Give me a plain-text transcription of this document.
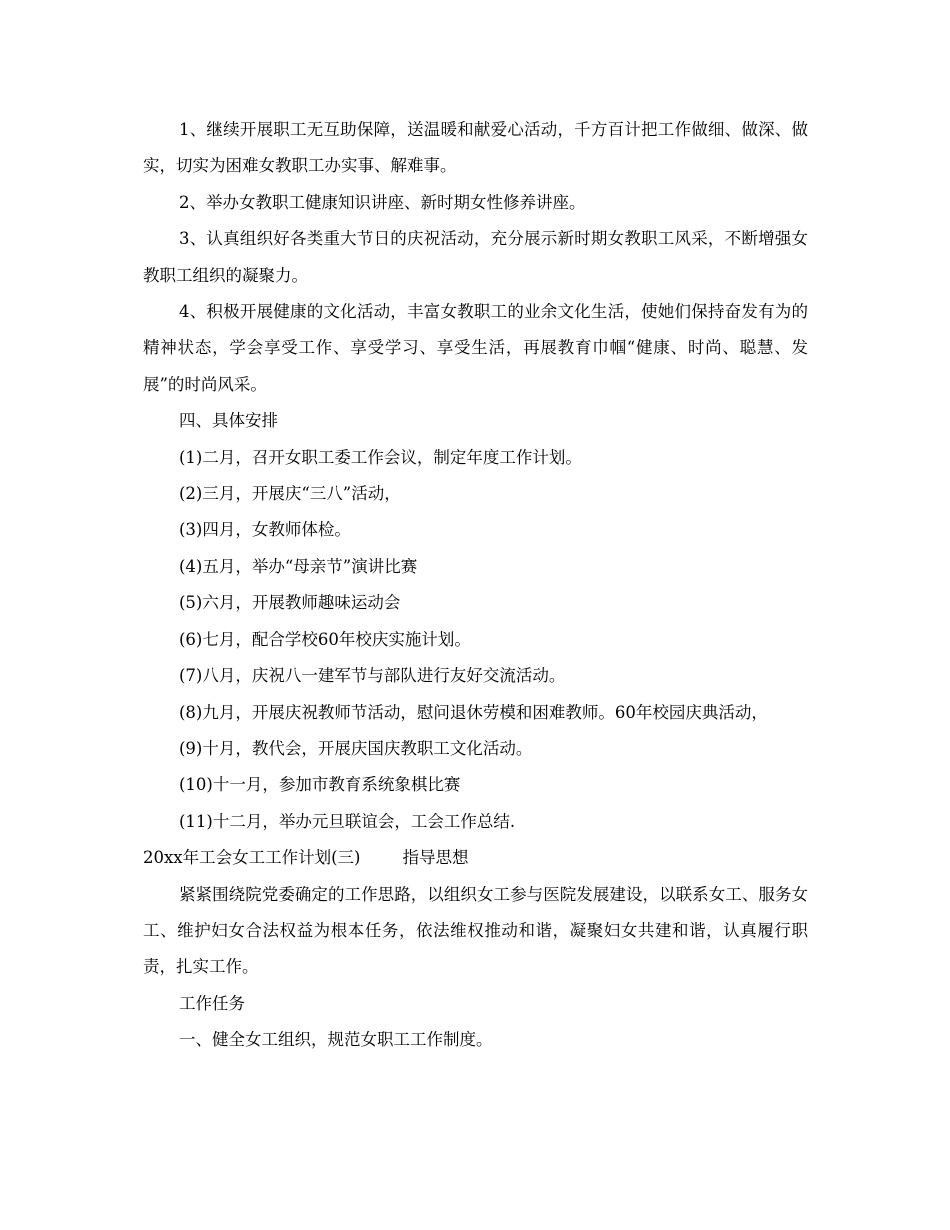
1、继续开展职工无互助保障，送温暖和献爱心活动，千方百计把工作做细、做深、做实，切实为困难女教职工办实事、解难事。

2、举办女教职工健康知识讲座、新时期女性修养讲座。

3、认真组织好各类重大节日的庆祝活动，充分展示新时期女教职工风采，不断增强女教职工组织的凝聚力。

4、积极开展健康的文化活动，丰富女教职工的业余文化生活，使她们保持奋发有为的精神状态，学会享受工作、享受学习、享受生活，再展教育巾帼“健康、时尚、聪慧、发展”的时尚风采。

四、具体安排

(1)二月，召开女职工委工作会议，制定年度工作计划。

(2)三月，开展庆“三八”活动，

(3)四月，女教师体检。

(4)五月，举办“母亲节”演讲比赛

(5)六月，开展教师趣味运动会

(6)七月，配合学校60年校庆实施计划。

(7)八月，庆祝八一建军节与部队进行友好交流活动。

(8)九月，开展庆祝教师节活动，慰问退休劳模和困难教师。60年校园庆典活动，

(9)十月，教代会，开展庆国庆教职工文化活动。

(10)十一月，参加市教育系统象棋比赛

(11)十二月，举办元旦联谊会，工会工作总结.

20xx年工会女工工作计划(三)        指导思想

紧紧围绕院党委确定的工作思路，以组织女工参与医院发展建设，以联系女工、服务女工、维护妇女合法权益为根本任务，依法维权推动和谐，凝聚妇女共建和谐，认真履行职责，扎实工作。

工作任务

一、健全女工组织，规范女职工工作制度。
